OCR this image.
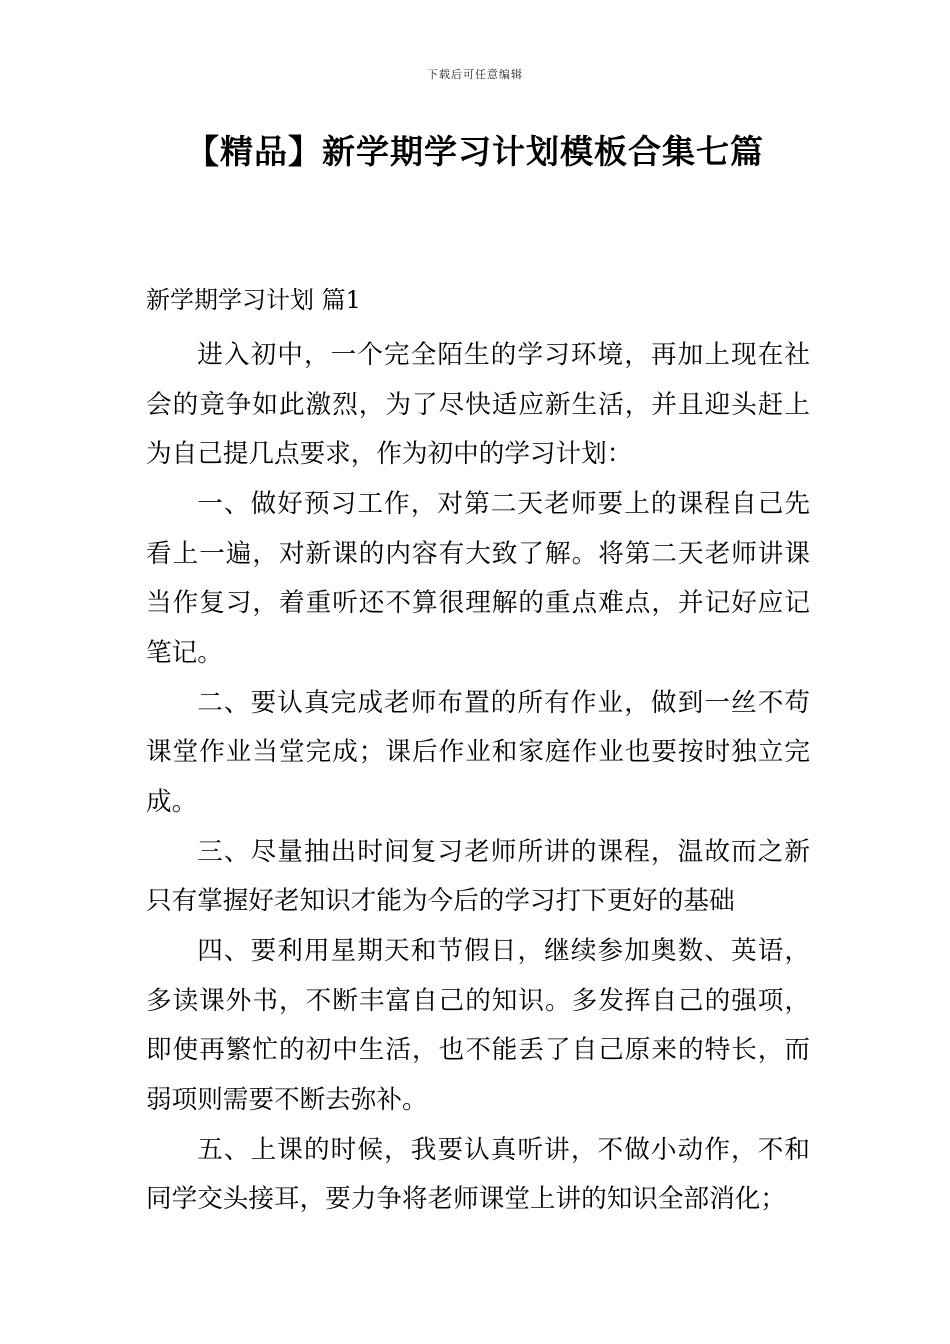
下载后可任意编辑
【精品】新学期学习计划模板合集七篇
新学期学习计划 篇1

进入初中，一个完全陌生的学习环境，再加上现在社会的竟争如此激烈，为了尽快适应新生活，并且迎头赶上为自己提几点要求，作为初中的学习计划：

一、做好预习工作，对第二天老师要上的课程自己先看上一遍，对新课的内容有大致了解。将第二天老师讲课当作复习，着重听还不算很理解的重点难点，并记好应记笔记。

二、要认真完成老师布置的所有作业，做到一丝不苟课堂作业当堂完成；课后作业和家庭作业也要按时独立完成。

三、尽量抽出时间复习老师所讲的课程，温故而之新只有掌握好老知识才能为今后的学习打下更好的基础

四、要利用星期天和节假日，继续参加奥数、英语，多读课外书，不断丰富自己的知识。多发挥自己的强项，即使再繁忙的初中生活，也不能丢了自己原来的特长，而弱项则需要不断去弥补。

五、上课的时候，我要认真听讲，不做小动作，不和同学交头接耳，要力争将老师课堂上讲的知识全部消化；
